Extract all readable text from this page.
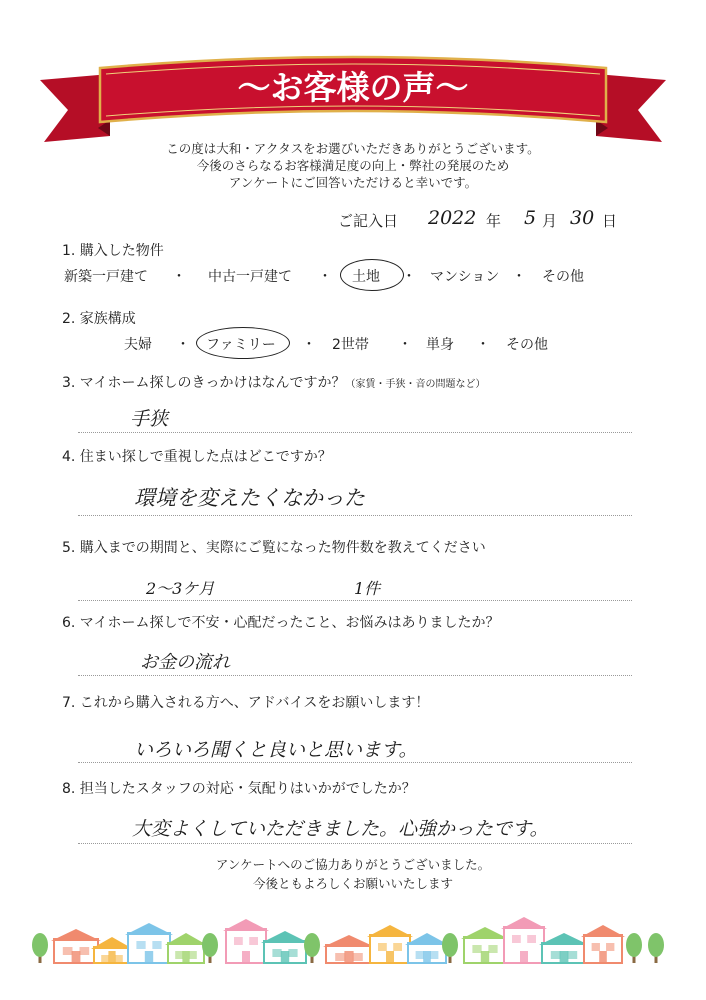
～お客様の声～
この度は大和・アクタスをお選びいただきありがとうございます。
今後のさらなるお客様満足度の向上・弊社の発展のため
アンケートにご回答いただけると幸いです。
ご記入日 2022 年 5 月 30 日
1. 購入した物件
新築一戸建て ・ 中古一戸建て ・ 土地 ・ マンション ・ その他
2. 家族構成
夫婦 ・ ファミリー ・ 2世帯 ・ 単身 ・ その他
3. マイホーム探しのきっかけはなんですか？（家賃・手狭・音の問題など）
手狭
4. 住まい探しで重視した点はどこですか？
環境を変えたくなかった
5. 購入までの期間と、実際にご覧になった物件数を教えてください
2～3ケ月	1件
6. マイホーム探しで不安・心配だったこと、お悩みはありましたか？
お金の流れ
7. これから購入される方へ、アドバイスをお願いします！
いろいろ聞くと良いと思います。
8. 担当したスタッフの対応・気配りはいかがでしたか？
大変よくしていただきました。心強かったです。
アンケートへのご協力ありがとうございました。
今後ともよろしくお願いいたします
